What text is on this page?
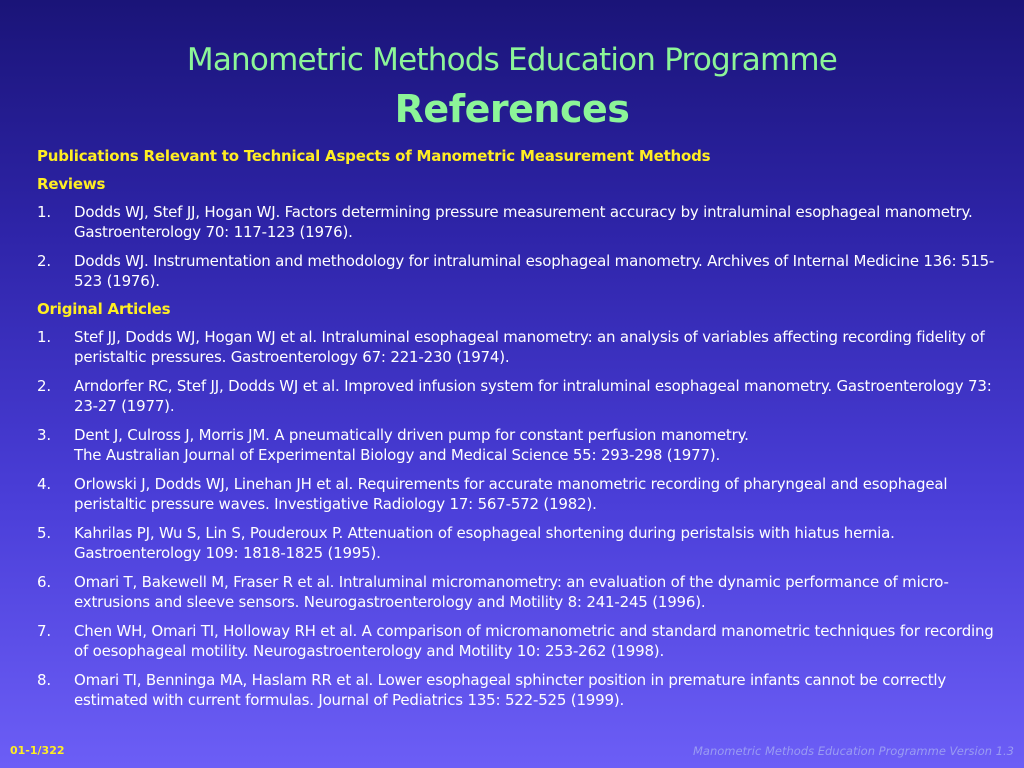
Manometric Methods Education Programme
References
Publications Relevant to Technical Aspects of Manometric Measurement Methods
Reviews
1.	Dodds WJ, Stef JJ, Hogan WJ. Factors determining pressure measurement accuracy by intraluminal esophageal manometry. Gastroenterology 70: 117-123 (1976).
2.	Dodds WJ. Instrumentation and methodology for intraluminal esophageal manometry. Archives of Internal Medicine 136: 515-523 (1976).
Original Articles
1.	Stef JJ, Dodds WJ, Hogan WJ et al. Intraluminal esophageal manometry: an analysis of variables affecting recording fidelity of peristaltic pressures. Gastroenterology 67: 221-230 (1974).
2.	Arndorfer RC, Stef JJ, Dodds WJ et al. Improved infusion system for intraluminal esophageal manometry. Gastroenterology 73: 23-27 (1977).
3.	Dent J, Culross J, Morris JM. A pneumatically driven pump for constant perfusion manometry.
The Australian Journal of Experimental Biology and Medical Science 55: 293-298 (1977).
4.	Orlowski J, Dodds WJ, Linehan JH et al. Requirements for accurate manometric recording of pharyngeal and esophageal peristaltic pressure waves. Investigative Radiology 17: 567-572 (1982).
5.	Kahrilas PJ, Wu S, Lin S, Pouderoux P. Attenuation of esophageal shortening during peristalsis with hiatus hernia. Gastroenterology 109: 1818-1825 (1995).
6.	Omari T, Bakewell M, Fraser R et al. Intraluminal micromanometry: an evaluation of the dynamic performance of micro-extrusions and sleeve sensors. Neurogastroenterology and Motility 8: 241-245 (1996).
7.	Chen WH, Omari TI, Holloway RH et al. A comparison of micromanometric and standard manometric techniques for recording of oesophageal motility. Neurogastroenterology and Motility 10: 253-262 (1998).
8.	Omari TI, Benninga MA, Haslam RR et al. Lower esophageal sphincter position in premature infants cannot be correctly estimated with current formulas. Journal of Pediatrics 135: 522-525 (1999).
01-1/322	Manometric Methods Education Programme Version 1.3
